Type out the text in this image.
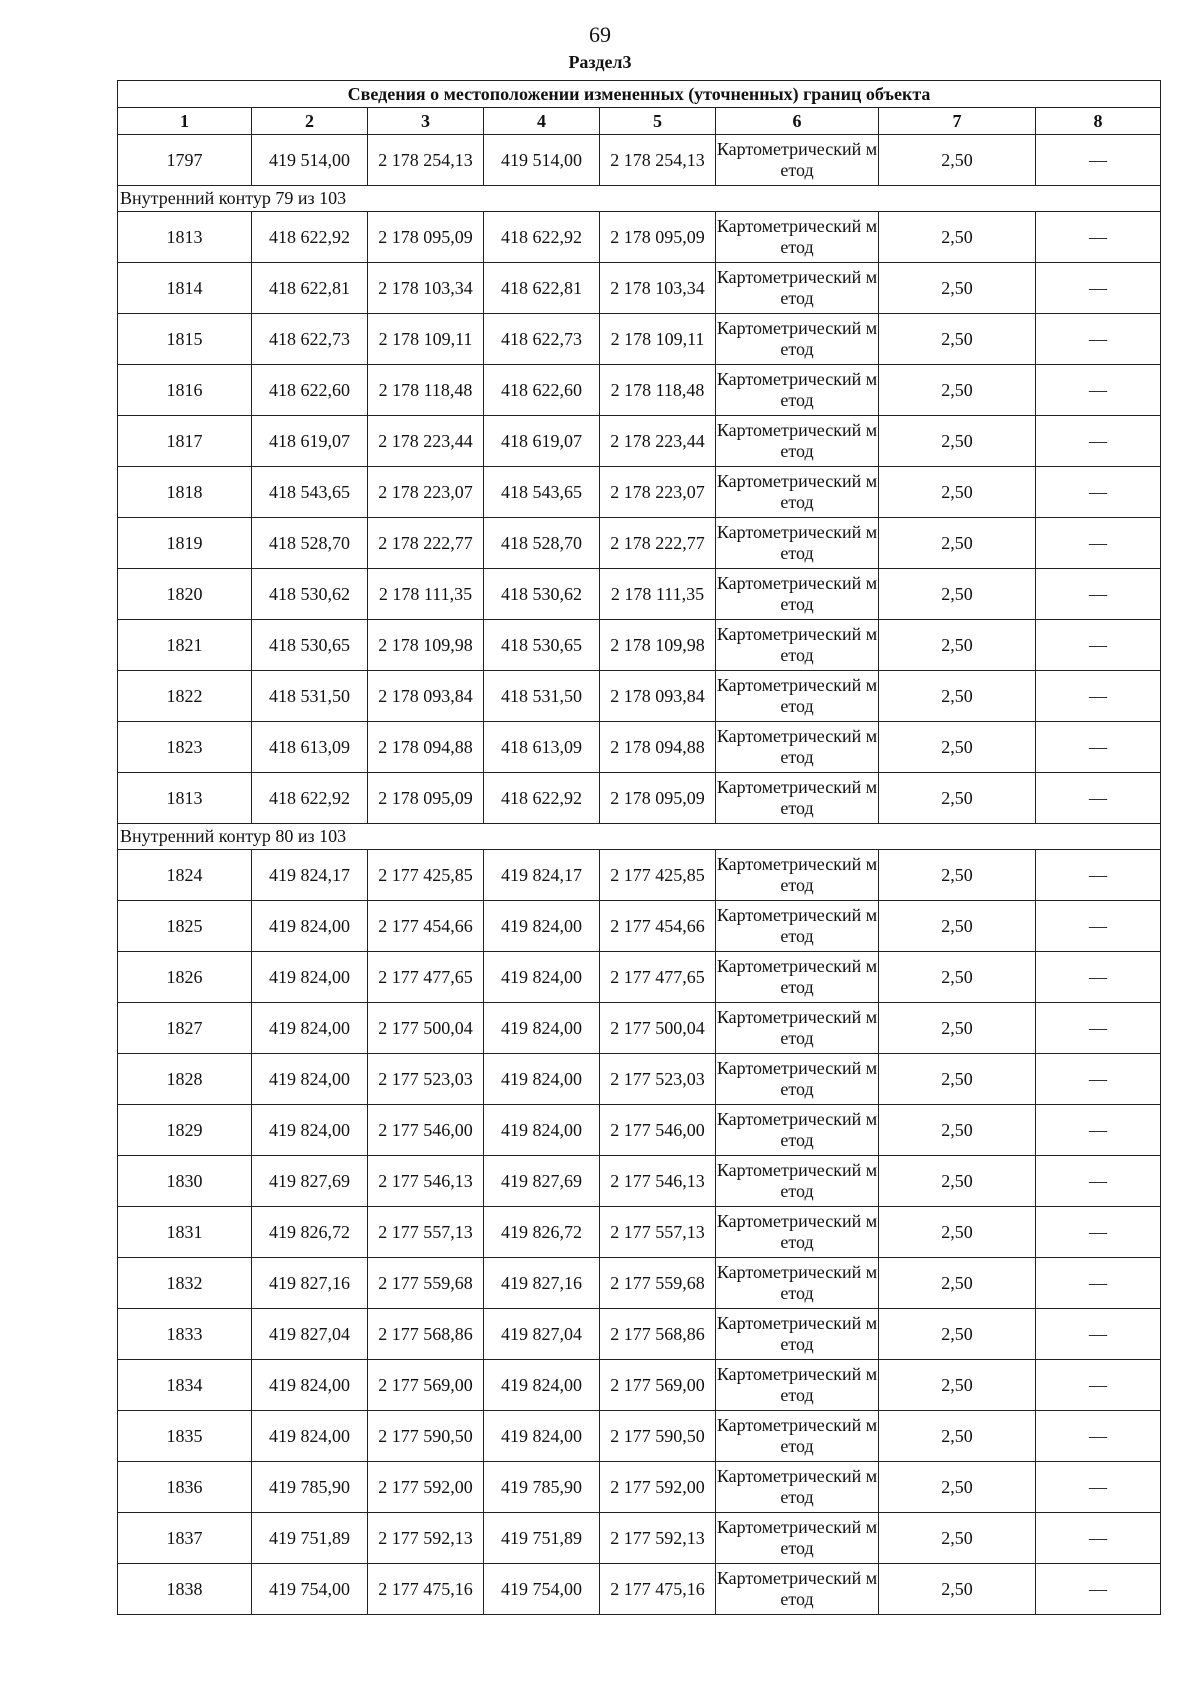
69
Раздел3
Сведения о местоположении измененных (уточненных) границ объекта							
1	2	3	4	5	6	7	8
1797	419 514,00	2 178 254,13	419 514,00	2 178 254,13	Картометрический метод	2,50	—
Внутренний контур 79 из 103							
1813	418 622,92	2 178 095,09	418 622,92	2 178 095,09	Картометрический метод	2,50	—
1814	418 622,81	2 178 103,34	418 622,81	2 178 103,34	Картометрический метод	2,50	—
1815	418 622,73	2 178 109,11	418 622,73	2 178 109,11	Картометрический метод	2,50	—
1816	418 622,60	2 178 118,48	418 622,60	2 178 118,48	Картометрический метод	2,50	—
1817	418 619,07	2 178 223,44	418 619,07	2 178 223,44	Картометрический метод	2,50	—
1818	418 543,65	2 178 223,07	418 543,65	2 178 223,07	Картометрический метод	2,50	—
1819	418 528,70	2 178 222,77	418 528,70	2 178 222,77	Картометрический метод	2,50	—
1820	418 530,62	2 178 111,35	418 530,62	2 178 111,35	Картометрический метод	2,50	—
1821	418 530,65	2 178 109,98	418 530,65	2 178 109,98	Картометрический метод	2,50	—
1822	418 531,50	2 178 093,84	418 531,50	2 178 093,84	Картометрический метод	2,50	—
1823	418 613,09	2 178 094,88	418 613,09	2 178 094,88	Картометрический метод	2,50	—
1813	418 622,92	2 178 095,09	418 622,92	2 178 095,09	Картометрический метод	2,50	—
Внутренний контур 80 из 103							
1824	419 824,17	2 177 425,85	419 824,17	2 177 425,85	Картометрический метод	2,50	—
1825	419 824,00	2 177 454,66	419 824,00	2 177 454,66	Картометрический метод	2,50	—
1826	419 824,00	2 177 477,65	419 824,00	2 177 477,65	Картометрический метод	2,50	—
1827	419 824,00	2 177 500,04	419 824,00	2 177 500,04	Картометрический метод	2,50	—
1828	419 824,00	2 177 523,03	419 824,00	2 177 523,03	Картометрический метод	2,50	—
1829	419 824,00	2 177 546,00	419 824,00	2 177 546,00	Картометрический метод	2,50	—
1830	419 827,69	2 177 546,13	419 827,69	2 177 546,13	Картометрический метод	2,50	—
1831	419 826,72	2 177 557,13	419 826,72	2 177 557,13	Картометрический метод	2,50	—
1832	419 827,16	2 177 559,68	419 827,16	2 177 559,68	Картометрический метод	2,50	—
1833	419 827,04	2 177 568,86	419 827,04	2 177 568,86	Картометрический метод	2,50	—
1834	419 824,00	2 177 569,00	419 824,00	2 177 569,00	Картометрический метод	2,50	—
1835	419 824,00	2 177 590,50	419 824,00	2 177 590,50	Картометрический метод	2,50	—
1836	419 785,90	2 177 592,00	419 785,90	2 177 592,00	Картометрический метод	2,50	—
1837	419 751,89	2 177 592,13	419 751,89	2 177 592,13	Картометрический метод	2,50	—
1838	419 754,00	2 177 475,16	419 754,00	2 177 475,16	Картометрический метод	2,50	—
